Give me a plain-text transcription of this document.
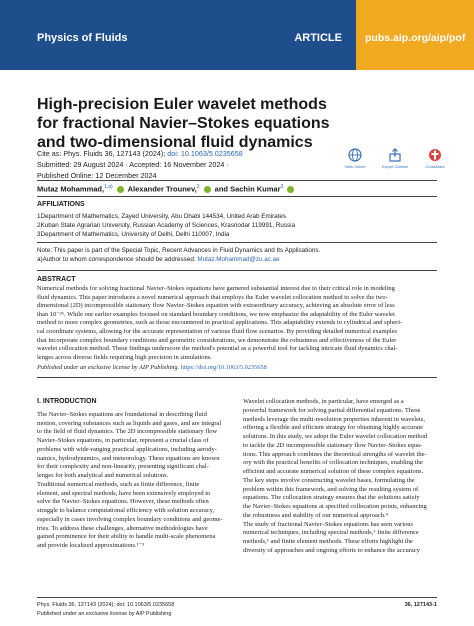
Physics of Fluids	ARTICLE pubs.aip.org/aip/pof
High-precision Euler wavelet methods
for fractional Navier–Stokes equations
and two-dimensional fluid dynamics
Cite as: Phys. Fluids 36, 127143 (2024); doi: 10.1063/5.0235658
Submitted: 29 August 2024 · Accepted: 16 November 2024 ·
Published Online: 12 December 2024
View Online	Export Citation	CrossMark
Mutaz Mohammad,$^{1,a)}$ Alexander Trounev,$^2$ and Sachin Kumar$^3$
AFFILIATIONS
1Department of Mathematics, Zayed University, Abu Dhabi 144534, United Arab Emirates
2Kuban State Agrarian University, Russian Academy of Sciences, Krasnodar 119991, Russia
3Department of Mathematics, University of Delhi, Delhi 110007, India
Note: This paper is part of the Special Topic, Recent Advances in Fluid Dynamics and Its Applications.
a)Author to whom correspondence should be addressed: Mutaz.Mohammad@zu.ac.ae
ABSTRACT
Numerical methods for solving fractional Navier–Stokes equations have garnered substantial interest due to their critical role in modeling
fluid dynamics. This paper introduces a novel numerical approach that employs the Euler wavelet collocation method to solve the two-
dimensional (2D) incompressible stationary flow Navier–Stokes equation with extraordinary accuracy, achieving an absolute error of less
than 10⁻²⁶. While our earlier examples focused on standard boundary conditions, we now emphasize the adaptability of the Euler wavelet
method to more complex geometries, such as those encountered in practical applications. This adaptability extends to cylindrical and spheri-
cal coordinate systems, allowing for the accurate representation of various fluid flow scenarios. By providing detailed numerical examples
that incorporate complex boundary conditions and geometric considerations, we demonstrate the robustness and effectiveness of the Euler
wavelet collocation method. These findings underscore the method's potential as a powerful tool for tackling intricate fluid dynamics chal-
lenges across diverse fields requiring high precision in simulations.
Published under an exclusive license by AIP Publishing. https://doi.org/10.1063/5.0235658
I. INTRODUCTION
The Navier–Stokes equations are foundational in describing fluid
motion, covering substances such as liquids and gases, and are integral
to the field of fluid dynamics. The 2D incompressible stationary flow
Navier–Stokes equations, in particular, represent a crucial class of
problems with wide-ranging practical applications, including aerody-
namics, hydrodynamics, and meteorology. These equations are known
for their complexity and non-linearity, presenting significant chal-
lenges for both analytical and numerical solutions.
Traditional numerical methods, such as finite difference, finite
element, and spectral methods, have been extensively employed to
solve the Navier–Stokes equations. However, these methods often
struggle to balance computational efficiency with solution accuracy,
especially in cases involving complex boundary conditions and geome-
tries. To address these challenges, alternative methodologies have
gained prominence for their ability to handle multi-scale phenomena
and provide localized approximations.¹⁻³
Wavelet collocation methods, in particular, have emerged as a
powerful framework for solving partial differential equations. These
methods leverage the multi-resolution properties inherent in wavelets,
offering a flexible and efficient strategy for obtaining highly accurate
solutions. In this study, we adopt the Euler wavelet collocation method
to tackle the 2D incompressible stationary flow Navier–Stokes equa-
tions. This approach combines the theoretical strengths of wavelet the-
ory with the practical benefits of collocation techniques, enabling the
efficient and accurate numerical solution of these complex equations.
The key steps involve constructing wavelet bases, formulating the
problem within this framework, and solving the resulting system of
equations. The collocation strategy ensures that the solutions satisfy
the Navier–Stokes equations at specified collocation points, enhancing
the robustness and stability of our numerical approach.⁴
The study of fractional Navier–Stokes equations has seen various
numerical techniques, including spectral methods,⁵ finite difference
methods,⁶ and finite element methods. These efforts highlight the
diversity of approaches and ongoing efforts to enhance the accuracy
Phys. Fluids 36, 127143 (2024); doi: 10.1063/5.0235658	36, 127143-1
Published under an exclusive license by AIP Publishing
